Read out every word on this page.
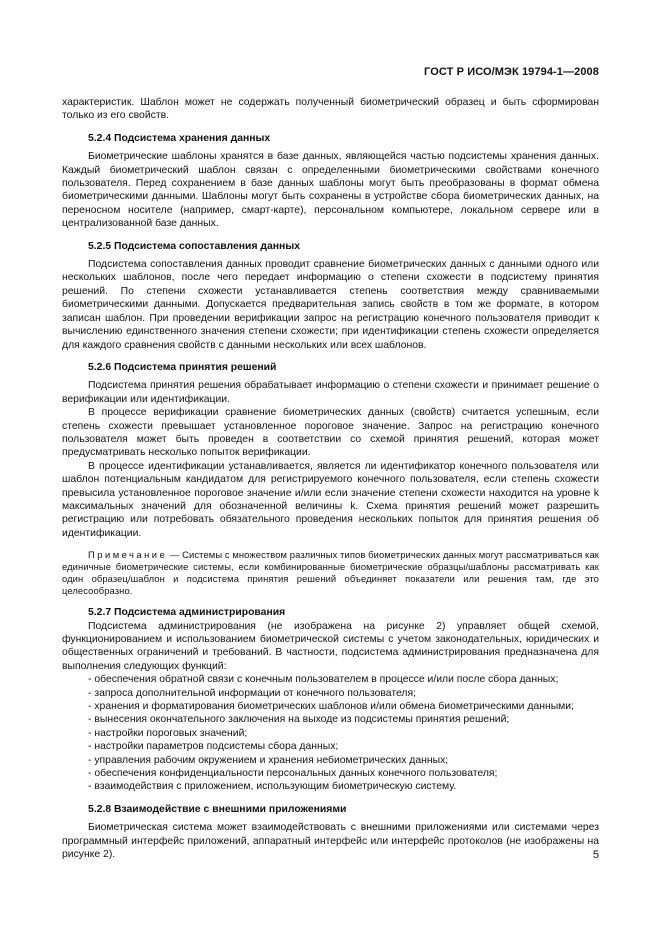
ГОСТ Р ИСО/МЭК 19794-1—2008

характеристик. Шаблон может не содержать полученный биометрический образец и быть сформирован только из его свойств.

5.2.4 Подсистема хранения данных

Биометрические шаблоны хранятся в базе данных, являющейся частью подсистемы хранения данных. Каждый биометрический шаблон связан с определенными биометрическими свойствами конечного пользователя. Перед сохранением в базе данных шаблоны могут быть преобразованы в формат обмена биометрическими данными. Шаблоны могут быть сохранены в устройстве сбора биометрических данных, на переносном носителе (например, смарт-карте), персональном компьютере, локальном сервере или в централизованной базе данных.

5.2.5 Подсистема сопоставления данных

Подсистема сопоставления данных проводит сравнение биометрических данных с данными одного или нескольких шаблонов, после чего передает информацию о степени схожести в подсистему принятия решений. По степени схожести устанавливается степень соответствия между сравниваемыми биометрическими данными. Допускается предварительная запись свойств в том же формате, в котором записан шаблон. При проведении верификации запрос на регистрацию конечного пользователя приводит к вычислению единственного значения степени схожести; при идентификации степень схожести определяется для каждого сравнения свойств с данными нескольких или всех шаблонов.

5.2.6 Подсистема принятия решений

Подсистема принятия решения обрабатывает информацию о степени схожести и принимает решение о верификации или идентификации.

В процессе верификации сравнение биометрических данных (свойств) считается успешным, если степень схожести превышает установленное пороговое значение. Запрос на регистрацию конечного пользователя может быть проведен в соответствии со схемой принятия решений, которая может предусматривать несколько попыток верификации.

В процессе идентификации устанавливается, является ли идентификатор конечного пользователя или шаблон потенциальным кандидатом для регистрируемого конечного пользователя, если степень схожести превысила установленное пороговое значение и/или если значение степени схожести находится на уровне k максимальных значений для обозначенной величины k. Схема принятия решений может разрешить регистрацию или потребовать обязательного проведения нескольких попыток для принятия решения об идентификации.

Примечание — Системы с множеством различных типов биометрических данных могут рассматриваться как единичные биометрические системы, если комбинированные биометрические образцы/шаблоны рассматривать как один образец/шаблон и подсистема принятия решений объединяет показатели или решения там, где это целесообразно.

5.2.7 Подсистема администрирования

Подсистема администрирования (не изображена на рисунке 2) управляет общей схемой, функционированием и использованием биометрической системы с учетом законодательных, юридических и общественных ограничений и требований. В частности, подсистема администрирования предназначена для выполнения следующих функций:

- обеспечения обратной связи с конечным пользователем в процессе и/или после сбора данных;
- запроса дополнительной информации от конечного пользователя;
- хранения и форматирования биометрических шаблонов и/или обмена биометрическими данными;
- вынесения окончательного заключения на выходе из подсистемы принятия решений;
- настройки пороговых значений;
- настройки параметров подсистемы сбора данных;
- управления рабочим окружением и хранения небиометрических данных;
- обеспечения конфиденциальности персональных данных конечного пользователя;
- взаимодействия с приложением, использующим биометрическую систему.

5.2.8 Взаимодействие с внешними приложениями

Биометрическая система может взаимодействовать с внешними приложениями или системами через программный интерфейс приложений, аппаратный интерфейс или интерфейс протоколов (не изображены на рисунке 2).	5
